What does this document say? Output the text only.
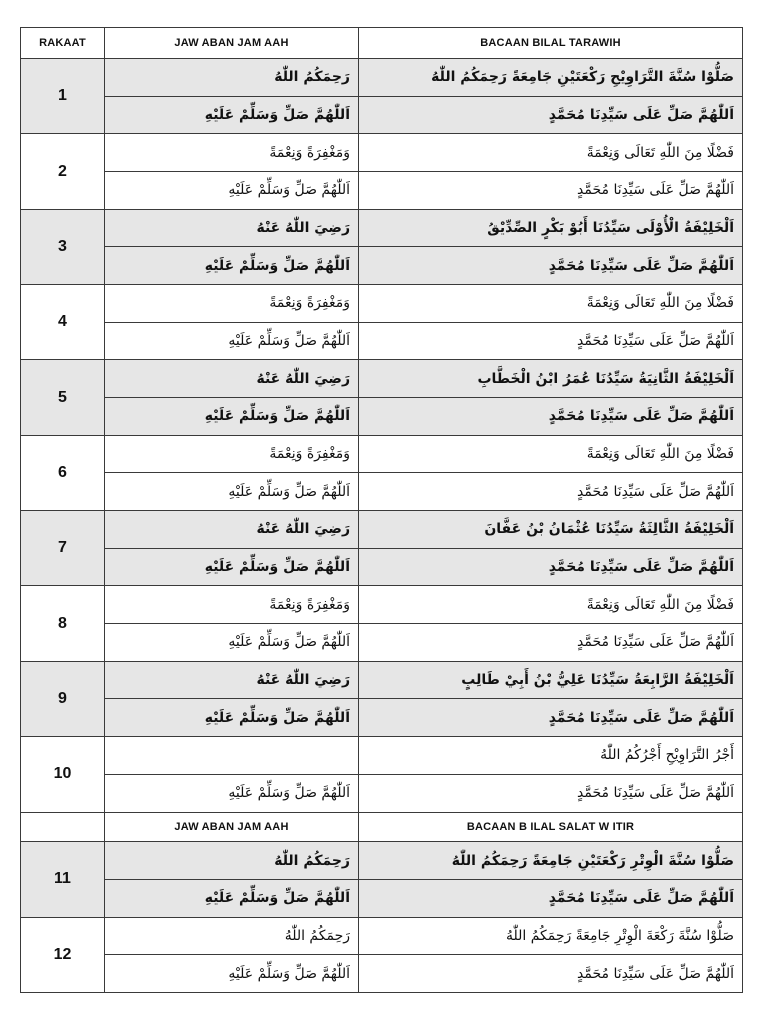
RAKAAT	JAW ABAN JAM AAH	BACAAN BILAL TARAWIH
1	رَحِمَكُمُ اللّٰهُ	صَلُّوْا سُنَّةَ التَّرَاوِيْحِ رَكْعَتَيْنِ جَامِعَةً رَحِمَكُمُ اللّٰهُ
	اَللّٰهُمَّ صَلِّ وَسَلِّمْ عَلَيْهِ	اَللّٰهُمَّ صَلِّ عَلَى سَيِّدِنَا مُحَمَّدٍ
2	وَمَغْفِرَةً وَنِعْمَةً	فَضْلًا مِنَ اللّٰهِ تَعَالَى وَنِعْمَةً
	اَللّٰهُمَّ صَلِّ وَسَلِّمْ عَلَيْهِ	اَللّٰهُمَّ صَلِّ عَلَى سَيِّدِنَا مُحَمَّدٍ
3	رَضِيَ اللّٰهُ عَنْهُ	اَلْخَلِيْفَةُ الْأُوْلَى سَيِّدُنَا أَبُوْ بَكْرٍ الصِّدِّيْقُ
	اَللّٰهُمَّ صَلِّ وَسَلِّمْ عَلَيْهِ	اَللّٰهُمَّ صَلِّ عَلَى سَيِّدِنَا مُحَمَّدٍ
4	وَمَغْفِرَةً وَنِعْمَةً	فَضْلًا مِنَ اللّٰهِ تَعَالَى وَنِعْمَةً
	اَللّٰهُمَّ صَلِّ وَسَلِّمْ عَلَيْهِ	اَللّٰهُمَّ صَلِّ عَلَى سَيِّدِنَا مُحَمَّدٍ
5	رَضِيَ اللّٰهُ عَنْهُ	اَلْخَلِيْفَةُ الثَّانِيَةُ سَيِّدُنَا عُمَرُ ابْنُ الْخَطَّابِ
	اَللّٰهُمَّ صَلِّ وَسَلِّمْ عَلَيْهِ	اَللّٰهُمَّ صَلِّ عَلَى سَيِّدِنَا مُحَمَّدٍ
6	وَمَغْفِرَةً وَنِعْمَةً	فَضْلًا مِنَ اللّٰهِ تَعَالَى وَنِعْمَةً
	اَللّٰهُمَّ صَلِّ وَسَلِّمْ عَلَيْهِ	اَللّٰهُمَّ صَلِّ عَلَى سَيِّدِنَا مُحَمَّدٍ
7	رَضِيَ اللّٰهُ عَنْهُ	اَلْخَلِيْفَةُ الثَّالِثَةُ سَيِّدُنَا عُثْمَانُ بْنُ عَفَّانَ
	اَللّٰهُمَّ صَلِّ وَسَلِّمْ عَلَيْهِ	اَللّٰهُمَّ صَلِّ عَلَى سَيِّدِنَا مُحَمَّدٍ
8	وَمَغْفِرَةً وَنِعْمَةً	فَضْلًا مِنَ اللّٰهِ تَعَالَى وَنِعْمَةً
	اَللّٰهُمَّ صَلِّ وَسَلِّمْ عَلَيْهِ	اَللّٰهُمَّ صَلِّ عَلَى سَيِّدِنَا مُحَمَّدٍ
9	رَضِيَ اللّٰهُ عَنْهُ	اَلْخَلِيْفَةُ الرَّابِعَةُ سَيِّدُنَا عَلِيُّ بْنُ أَبِيْ طَالِبٍ
	اَللّٰهُمَّ صَلِّ وَسَلِّمْ عَلَيْهِ	اَللّٰهُمَّ صَلِّ عَلَى سَيِّدِنَا مُحَمَّدٍ
10		أَجْرُ التَّرَاوِيْحِ أَجْرُكُمُ اللّٰهُ
	اَللّٰهُمَّ صَلِّ وَسَلِّمْ عَلَيْهِ	اَللّٰهُمَّ صَلِّ عَلَى سَيِّدِنَا مُحَمَّدٍ
	JAW ABAN JAM AAH	BACAAN B ILAL SALAT W ITIR
11	رَحِمَكُمُ اللّٰهُ	صَلُّوْا سُنَّةَ الْوِتْرِ رَكْعَتَيْنِ جَامِعَةً رَحِمَكُمُ اللّٰهُ
	اَللّٰهُمَّ صَلِّ وَسَلِّمْ عَلَيْهِ	اَللّٰهُمَّ صَلِّ عَلَى سَيِّدِنَا مُحَمَّدٍ
12	رَحِمَكُمُ اللّٰهُ	صَلُّوْا سُنَّةَ رَكْعَةَ الْوِتْرِ جَامِعَةً رَحِمَكُمُ اللّٰهُ
	اَللّٰهُمَّ صَلِّ وَسَلِّمْ عَلَيْهِ	اَللّٰهُمَّ صَلِّ عَلَى سَيِّدِنَا مُحَمَّدٍ
